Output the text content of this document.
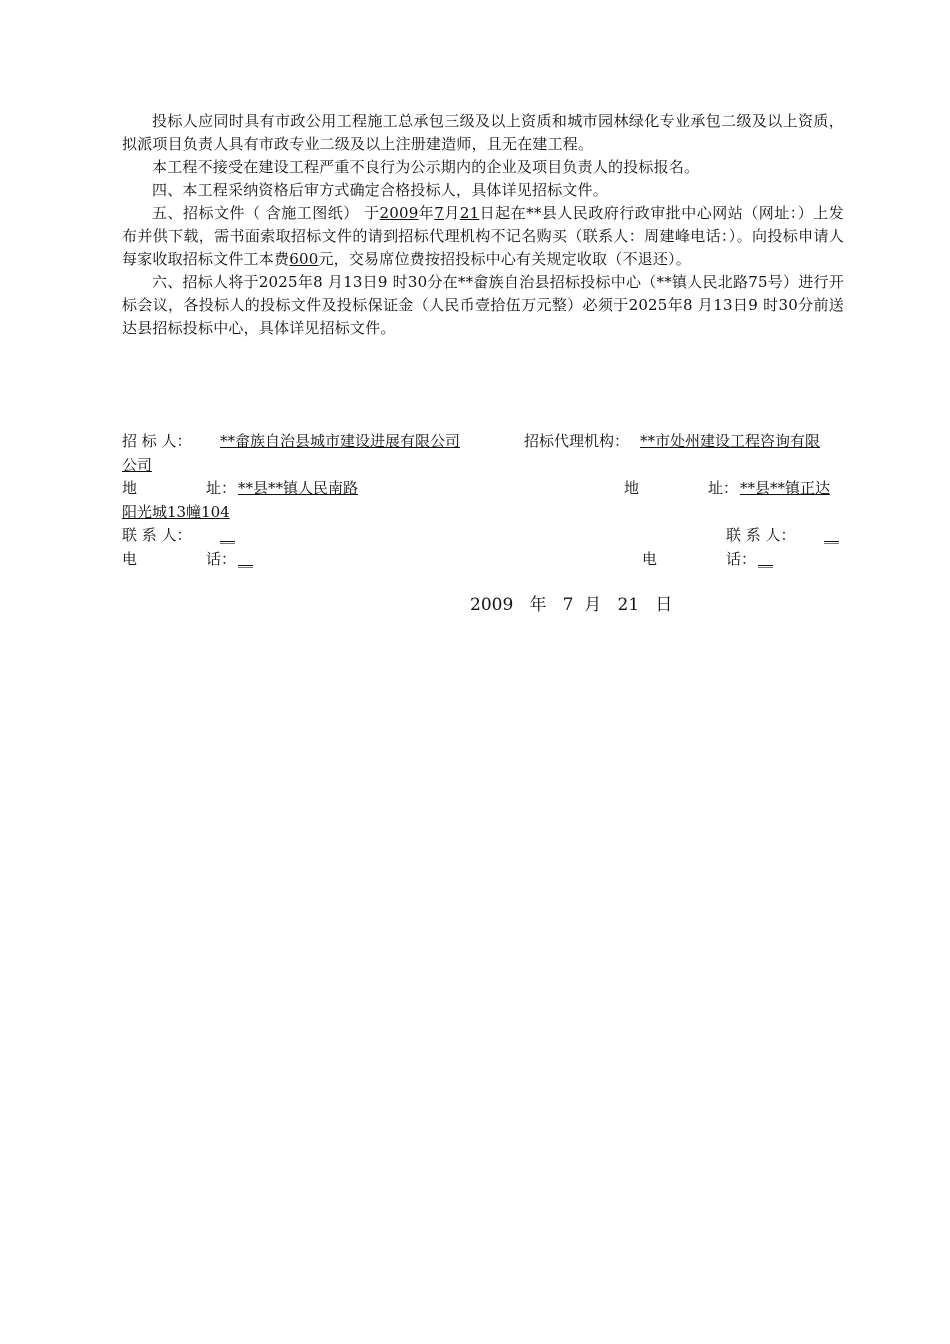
投标人应同时具有市政公用工程施工总承包三级及以上资质和城市园林绿化专业承包二级及以上资质，拟派项目负责人具有市政专业二级及以上注册建造师，且无在建工程。

本工程不接受在建设工程严重不良行为公示期内的企业及项目负责人的投标报名。

四、本工程采纳资格后审方式确定合格投标人，具体详见招标文件。

五、招标文件（ 含施工图纸） 于2009年7月21日起在**县人民政府行政审批中心网站（网址：）上发布并供下载，需书面索取招标文件的请到招标代理机构不记名购买（联系人：周建峰电话：）。向投标申请人每家收取招标文件工本费600元，交易席位费按招投标中心有关规定收取（不退还）。

六、招标人将于2025年8 月13日9 时30分在**畲族自治县招标投标中心（**镇人民北路75号）进行开标会议，各投标人的投标文件及投标保证金（人民币壹拾伍万元整）必须于2025年8 月13日9 时30分前送达县招标投标中心，具体详见招标文件。

招 标 人： **畲族自治县城市建设进展有限公司	招标代理机构： **市处州建设工程咨询有限
公司
地	址： **县**镇人民南路	地	址： **县**镇正达
阳光城13幢104
联 系 人： __	联 系 人： __
电	话： __	电	话： __
2009   年   7  月   21   日
